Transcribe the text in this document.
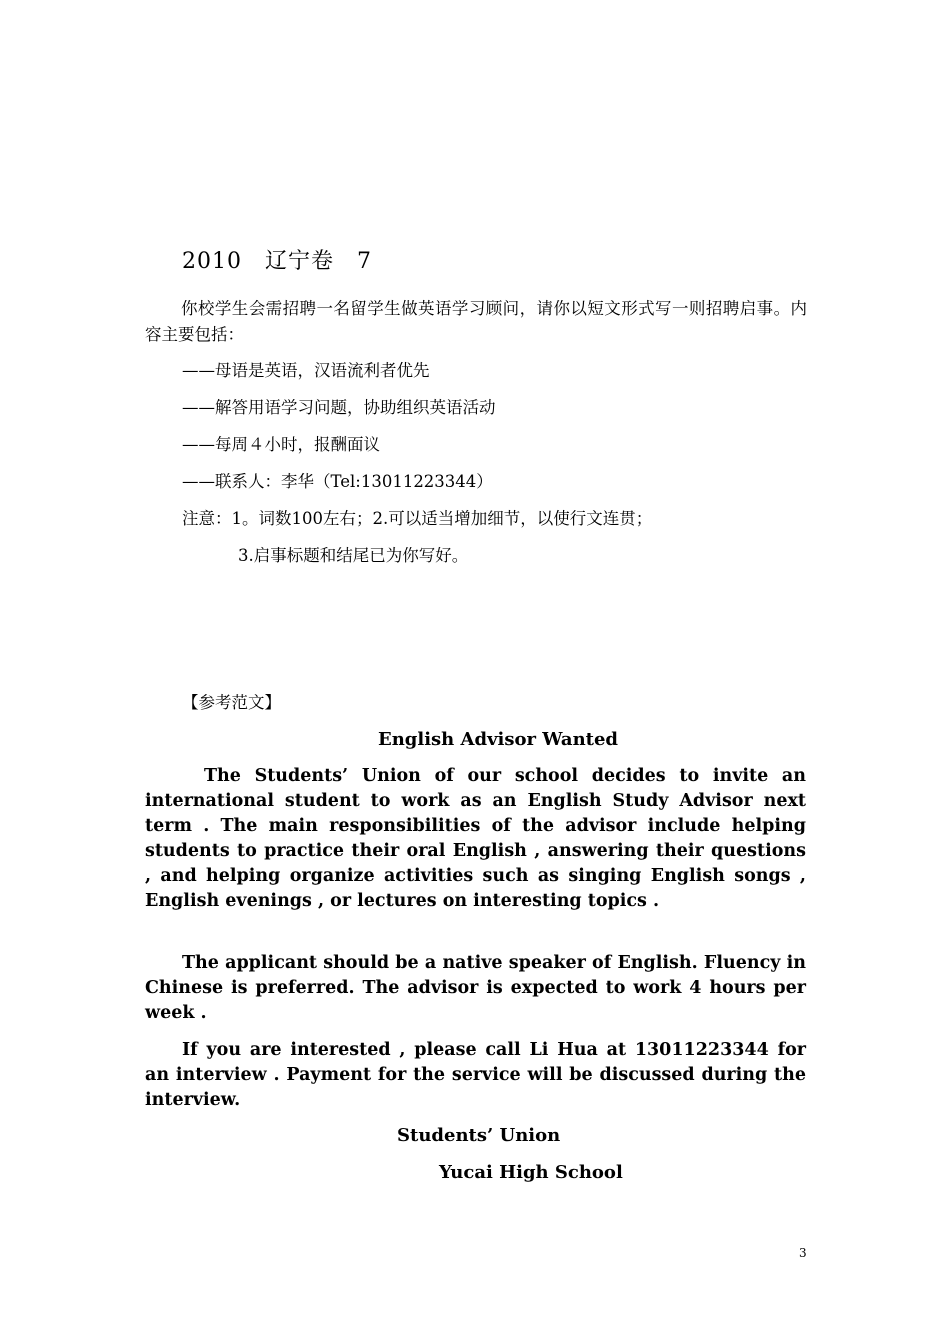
2010　辽宁卷　7

你校学生会需招聘一名留学生做英语学习顾问，请你以短文形式写一则招聘启事。内容主要包括：

——母语是英语，汉语流利者优先

——解答用语学习问题，协助组织英语活动

——每周４小时，报酬面议

——联系人：李华（Tel:13011223344）

注意：1。词数100左右；2.可以适当增加细节，以使行文连贯；

3.启事标题和结尾已为你写好。

【参考范文】

English Advisor Wanted

The Students’ Union of our school decides to invite an international student to work as an English Study Advisor next term . The main responsibilities of the advisor include helping students to practice their oral English , answering their questions , and helping organize activities such as singing English songs , English evenings , or lectures on interesting topics .

The applicant should be a native speaker of English. Fluency in Chinese is preferred. The advisor is expected to work 4 hours per week .

If you are interested , please call Li Hua at 13011223344 for an interview . Payment for the service will be discussed during the interview.

Students’ Union

Yucai High School

3
